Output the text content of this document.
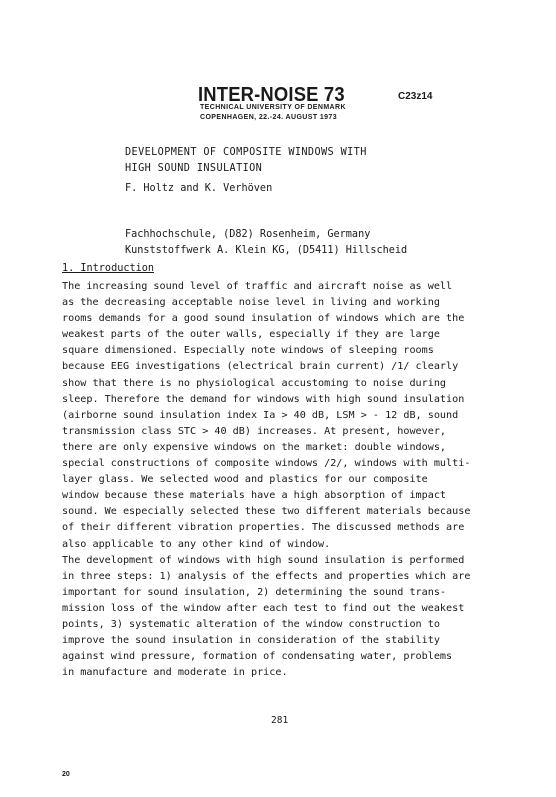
INTER-NOISE 73	C23z14
TECHNICAL UNIVERSITY OF DENMARK
COPENHAGEN, 22.-24. AUGUST 1973
DEVELOPMENT OF COMPOSITE WINDOWS WITH
HIGH SOUND INSULATION
F. Holtz and K. Verhöven
Fachhochschule, (D82) Rosenheim, Germany
Kunststoffwerk A. Klein KG, (D5411) Hillscheid
1. Introduction
The increasing sound level of traffic and aircraft noise as well
as the decreasing acceptable noise level in living and working
rooms demands for a good sound insulation of windows which are the
weakest parts of the outer walls, especially if they are large
square dimensioned. Especially note windows of sleeping rooms
because EEG investigations (electrical brain current) /1/ clearly
show that there is no physiological accustoming to noise during
sleep. Therefore the demand for windows with high sound insulation
(airborne sound insulation index Ia > 40 dB, LSM > - 12 dB, sound
transmission class STC > 40 dB) increases. At present, however,
there are only expensive windows on the market: double windows,
special constructions of composite windows /2/, windows with multi-
layer glass. We selected wood and plastics for our composite
window because these materials have a high absorption of impact
sound. We especially selected these two different materials because
of their different vibration properties. The discussed methods are
also applicable to any other kind of window.
The development of windows with high sound insulation is performed
in three steps: 1) analysis of the effects and properties which are
important for sound insulation, 2) determining the sound trans-
mission loss of the window after each test to find out the weakest
points, 3) systematic alteration of the window construction to
improve the sound insulation in consideration of the stability
against wind pressure, formation of condensating water, problems
in manufacture and moderate in price.
281
20
